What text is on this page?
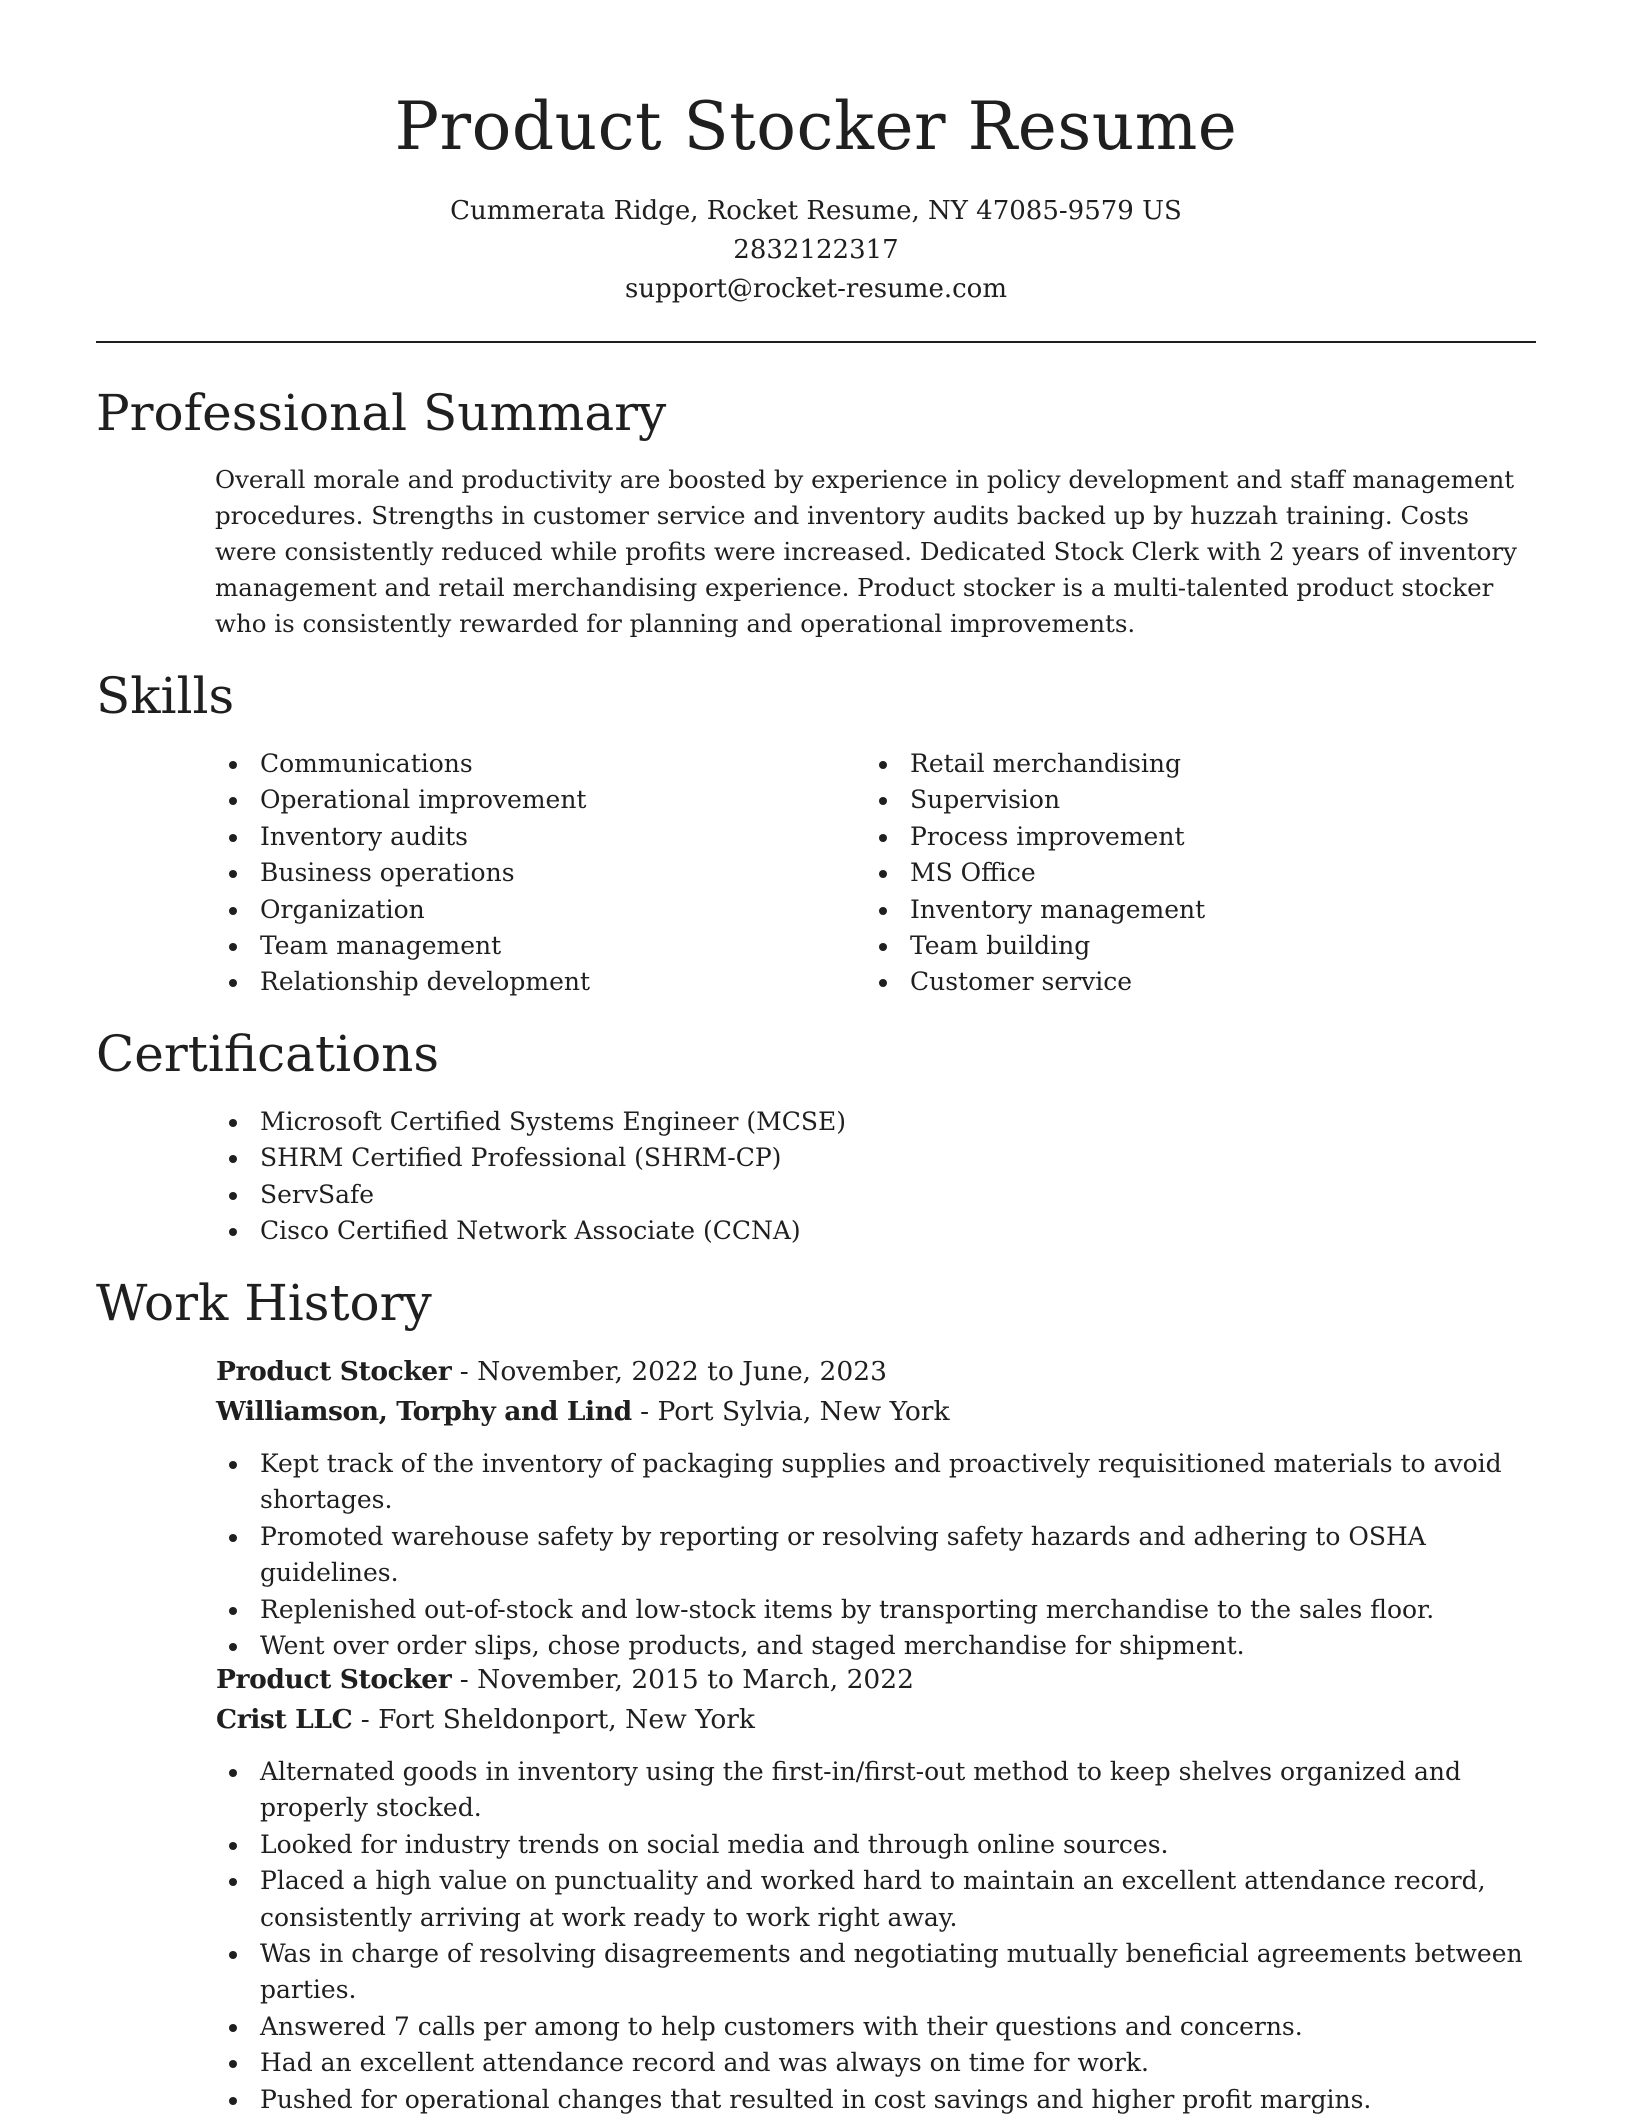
Product Stocker Resume
Cummerata Ridge, Rocket Resume, NY 47085-9579 US
2832122317
support@rocket-resume.com
Professional Summary

Overall morale and productivity are boosted by experience in policy development and staff management procedures. Strengths in customer service and inventory audits backed up by huzzah training. Costs were consistently reduced while profits were increased. Dedicated Stock Clerk with 2 years of inventory management and retail merchandising experience. Product stocker is a multi-talented product stocker who is consistently rewarded for planning and operational improvements.

Skills
Communications
Operational improvement
Inventory audits
Business operations
Organization
Team management
Relationship development
Retail merchandising
Supervision
Process improvement
MS Office
Inventory management
Team building
Customer service
Certifications
Microsoft Certified Systems Engineer (MCSE)
SHRM Certified Professional (SHRM-CP)
ServSafe
Cisco Certified Network Associate (CCNA)
Work History
Product Stocker - November, 2022 to June, 2023
Williamson, Torphy and Lind - Port Sylvia, New York
Kept track of the inventory of packaging supplies and proactively requisitioned materials to avoid shortages.
Promoted warehouse safety by reporting or resolving safety hazards and adhering to OSHA guidelines.
Replenished out-of-stock and low-stock items by transporting merchandise to the sales floor.
Went over order slips, chose products, and staged merchandise for shipment.
Product Stocker - November, 2015 to March, 2022
Crist LLC - Fort Sheldonport, New York
Alternated goods in inventory using the first-in/first-out method to keep shelves organized and properly stocked.
Looked for industry trends on social media and through online sources.
Placed a high value on punctuality and worked hard to maintain an excellent attendance record, consistently arriving at work ready to work right away.
Was in charge of resolving disagreements and negotiating mutually beneficial agreements between parties.
Answered 7 calls per among to help customers with their questions and concerns.
Had an excellent attendance record and was always on time for work.
Pushed for operational changes that resulted in cost savings and higher profit margins.
